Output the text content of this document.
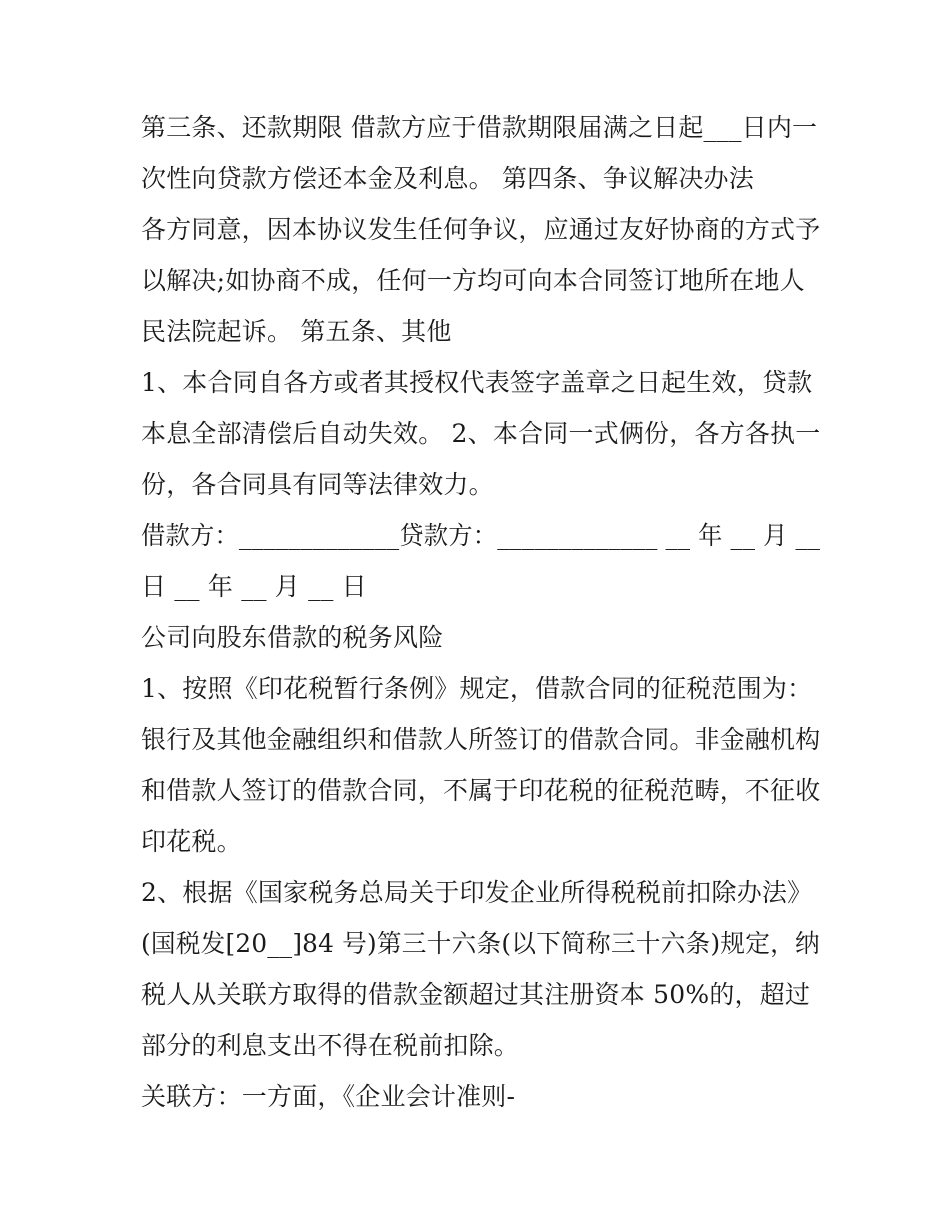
第三条、还款期限 借款方应于借款期限届满之日起___日内一
次性向贷款方偿还本金及利息。 第四条、争议解决办法
各方同意，因本协议发生任何争议，应通过友好协商的方式予
以解决;如协商不成，任何一方均可向本合同签订地所在地人
民法院起诉。 第五条、其他
1、本合同自各方或者其授权代表签字盖章之日起生效，贷款
本息全部清偿后自动失效。 2、本合同一式俩份，各方各执一
份，各合同具有同等法律效力。
借款方：_____________贷款方：_____________ __ 年 __ 月 __
日 __ 年 __ 月 __ 日
公司向股东借款的税务风险
1、按照《印花税暂行条例》规定，借款合同的征税范围为：
银行及其他金融组织和借款人所签订的借款合同。非金融机构
和借款人签订的借款合同，不属于印花税的征税范畴，不征收
印花税。
2、根据《国家税务总局关于印发企业所得税税前扣除办法》
(国税发[20__]84 号)第三十六条(以下简称三十六条)规定，纳
税人从关联方取得的借款金额超过其注册资本 50%的，超过
部分的利息支出不得在税前扣除。
关联方：一方面，《企业会计准则-
